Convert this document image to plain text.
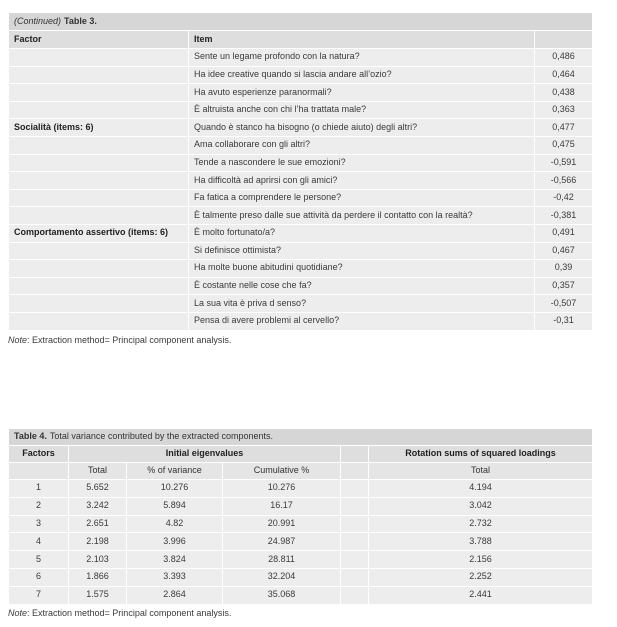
(Continued) Table 3.		
Factor	Item	
	Sente un legame profondo con la natura?	0,486
	Ha idee creative quando si lascia andare all’ozio?	0,464
	Ha avuto esperienze paranormali?	0,438
	È altruista anche con chi l’ha trattata male?	0,363
Socialità (items: 6)	Quando è stanco ha bisogno (o chiede aiuto) degli altri?	0,477
	Ama collaborare con gli altri?	0,475
	Tende a nascondere le sue emozioni?	-0,591
	Ha difficoltà ad aprirsi con gli amici?	-0,566
	Fa fatica a comprendere le persone?	-0,42
	È talmente preso dalle sue attività da perdere il contatto con la realtà?	-0,381
Comportamento assertivo (items: 6)	È molto fortunato/a?	0,491
	Si definisce ottimista?	0,467
	Ha molte buone abitudini quotidiane?	0,39
	È costante nelle cose che fa?	0,357
	La sua vita è priva d senso?	-0,507
	Pensa di avere problemi al cervello?	-0,31
Note: Extraction method= Principal component analysis.
Table 4. Total variance contributed by the extracted components.					
Factors	Initial eigenvalues				Rotation sums of squared loadings
	Total	% of variance	Cumulative %		Total
1	5.652	10.276	10.276		4.194
2	3.242	5.894	16.17		3.042
3	2.651	4.82	20.991		2.732
4	2.198	3.996	24.987		3.788
5	2.103	3.824	28.811		2.156
6	1.866	3.393	32.204		2.252
7	1.575	2.864	35.068		2.441
Note: Extraction method= Principal component analysis.
